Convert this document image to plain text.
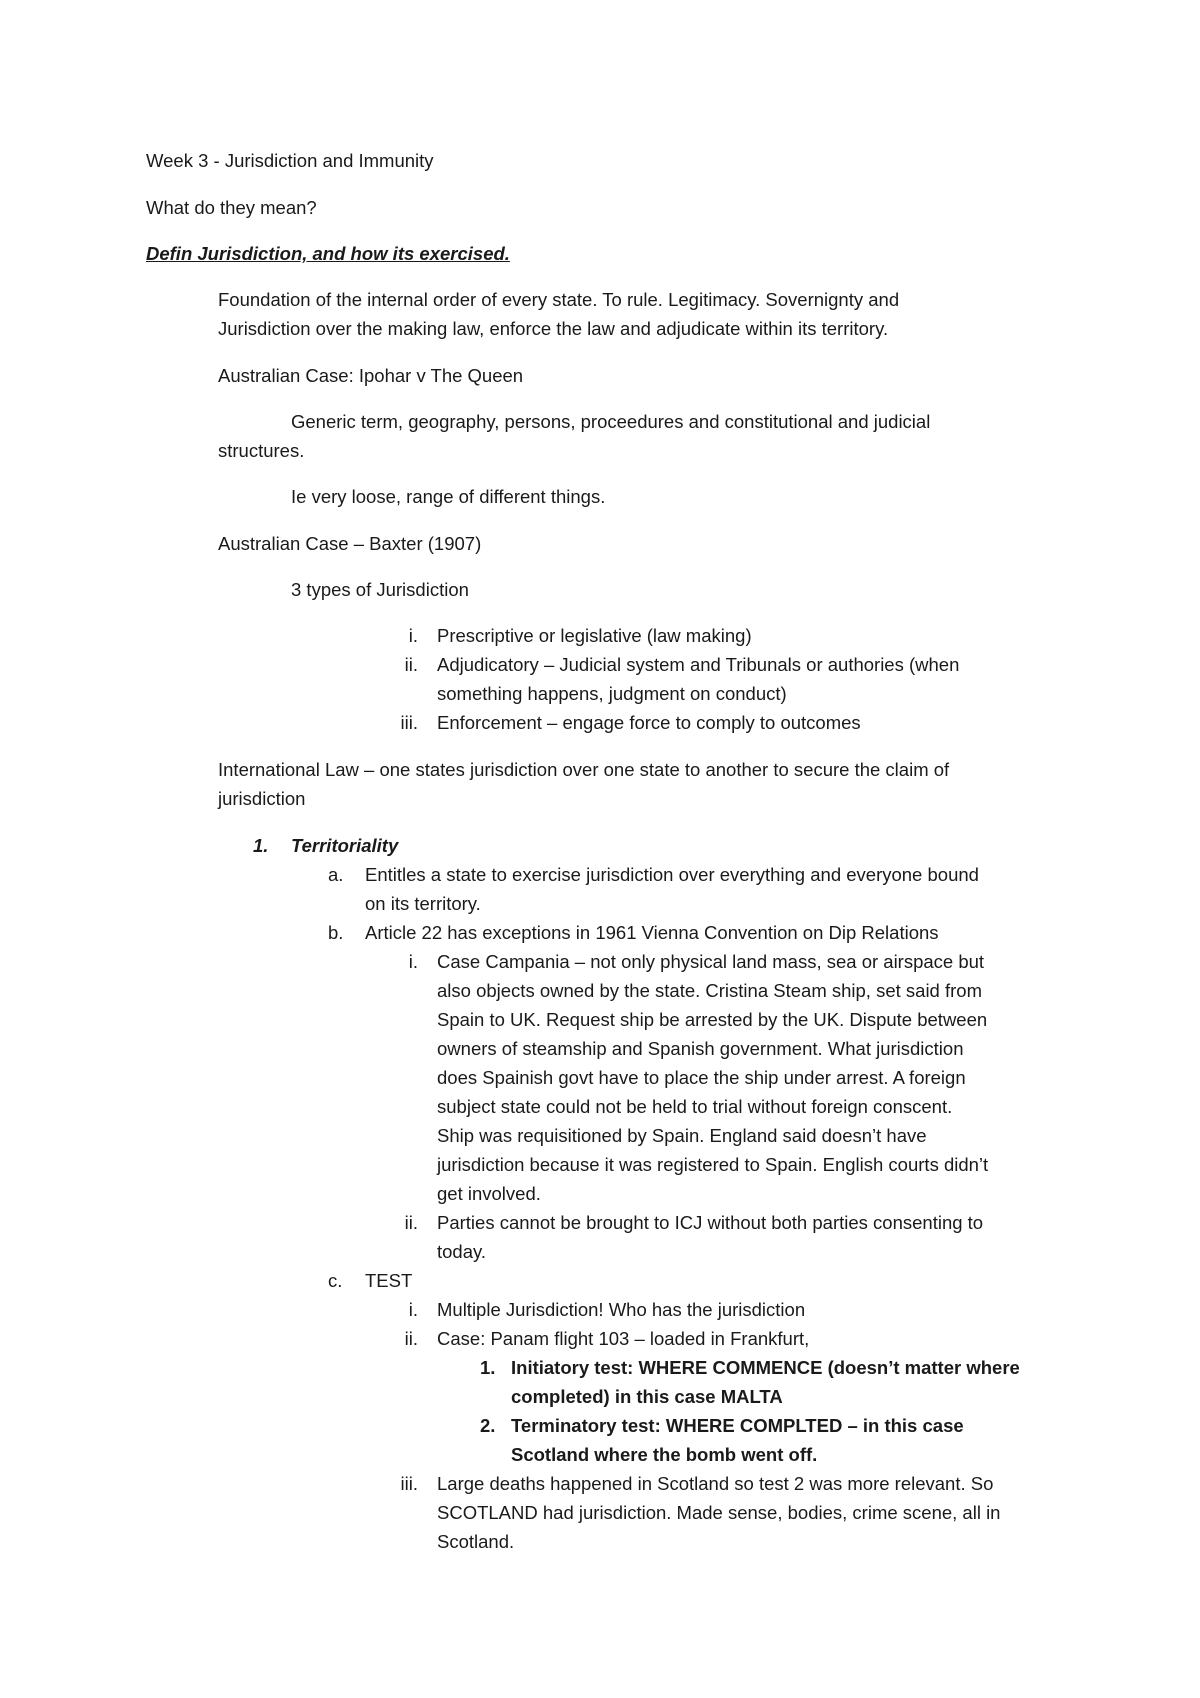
Week 3 - Jurisdiction and Immunity
What do they mean?
Defin Jurisdiction, and how its exercised.
Foundation of the internal order of every state. To rule. Legitimacy. Sovernignty and
Jurisdiction over the making law, enforce the law and adjudicate within its territory.
Australian Case: Ipohar v The Queen
Generic term, geography, persons, proceedures and constitutional and judicial
structures.
Ie very loose, range of different things.
Australian Case – Baxter (1907)
3 types of Jurisdiction
i. Prescriptive or legislative (law making)
ii. Adjudicatory – Judicial system and Tribunals or authories (when
something happens, judgment on conduct)
iii. Enforcement – engage force to comply to outcomes
International Law – one states jurisdiction over one state to another to secure the claim of
jurisdiction
1. Territoriality
a. Entitles a state to exercise jurisdiction over everything and everyone bound
on its territory.
b. Article 22 has exceptions in 1961 Vienna Convention on Dip Relations
i. Case Campania – not only physical land mass, sea or airspace but
also objects owned by the state. Cristina Steam ship, set said from
Spain to UK. Request ship be arrested by the UK. Dispute between
owners of steamship and Spanish government. What jurisdiction
does Spainish govt have to place the ship under arrest. A foreign
subject state could not be held to trial without foreign conscent.
Ship was requisitioned by Spain. England said doesn’t have
jurisdiction because it was registered to Spain. English courts didn’t
get involved.
ii. Parties cannot be brought to ICJ without both parties consenting to
today.
c. TEST
i. Multiple Jurisdiction! Who has the jurisdiction
ii. Case: Panam flight 103 – loaded in Frankfurt,
1. Initiatory test: WHERE COMMENCE (doesn’t matter where
completed) in this case MALTA
2. Terminatory test: WHERE COMPLTED – in this case
Scotland where the bomb went off.
iii. Large deaths happened in Scotland so test 2 was more relevant. So
SCOTLAND had jurisdiction. Made sense, bodies, crime scene, all in
Scotland.
